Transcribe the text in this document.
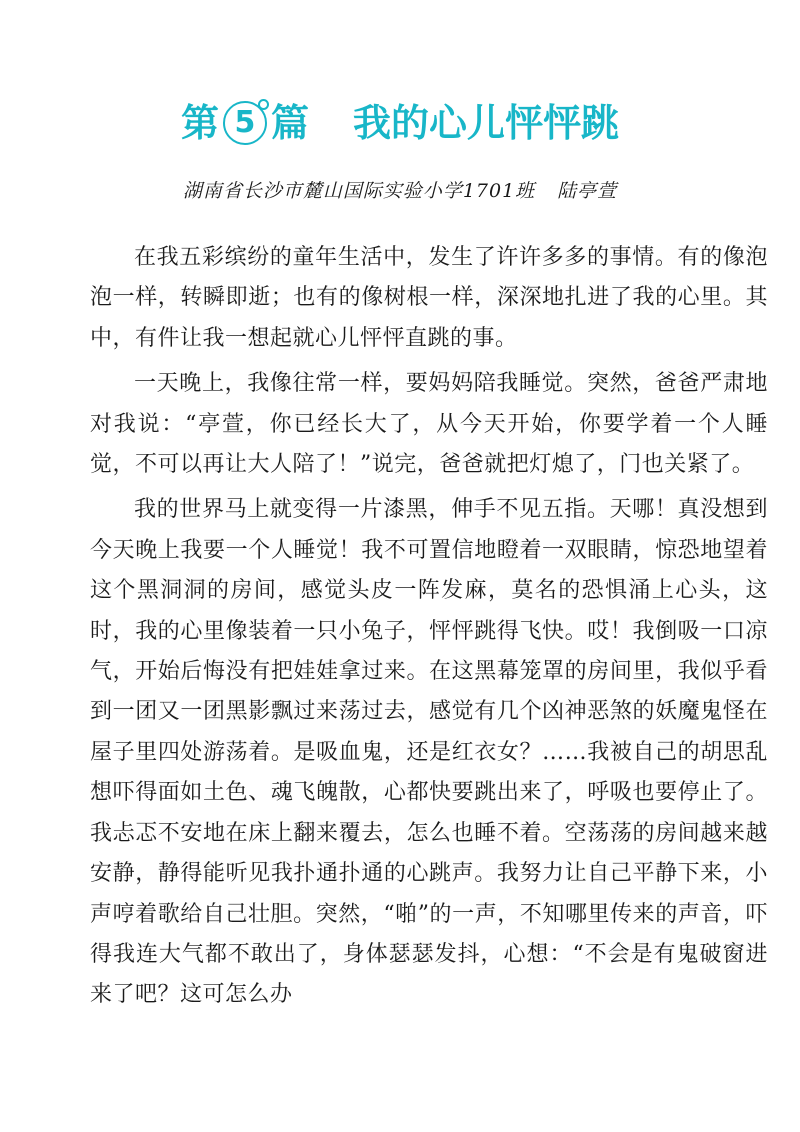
第 5 篇 我的心儿怦怦跳
湖南省长沙市麓山国际实验小学1701班 陆亭萱

在我五彩缤纷的童年生活中，发生了许许多多的事情。有的像泡泡一样，转瞬即逝；也有的像树根一样，深深地扎进了我的心里。其中，有件让我一想起就心儿怦怦直跳的事。

一天晚上，我像往常一样，要妈妈陪我睡觉。突然，爸爸严肃地对我说：“亭萱，你已经长大了，从今天开始，你要学着一个人睡觉，不可以再让大人陪了！”说完，爸爸就把灯熄了，门也关紧了。

我的世界马上就变得一片漆黑，伸手不见五指。天哪！真没想到今天晚上我要一个人睡觉！我不可置信地瞪着一双眼睛，惊恐地望着这个黑洞洞的房间，感觉头皮一阵发麻，莫名的恐惧涌上心头，这时，我的心里像装着一只小兔子，怦怦跳得飞快。哎！我倒吸一口凉气，开始后悔没有把娃娃拿过来。在这黑幕笼罩的房间里，我似乎看到一团又一团黑影飘过来荡过去，感觉有几个凶神恶煞的妖魔鬼怪在屋子里四处游荡着。是吸血鬼，还是红衣女？……我被自己的胡思乱想吓得面如土色、魂飞魄散，心都快要跳出来了，呼吸也要停止了。我忐忑不安地在床上翻来覆去，怎么也睡不着。空荡荡的房间越来越安静，静得能听见我扑通扑通的心跳声。我努力让自己平静下来，小声哼着歌给自己壮胆。突然，“啪”的一声，不知哪里传来的声音，吓得我连大气都不敢出了，身体瑟瑟发抖，心想：“不会是有鬼破窗进来了吧？这可怎么办
